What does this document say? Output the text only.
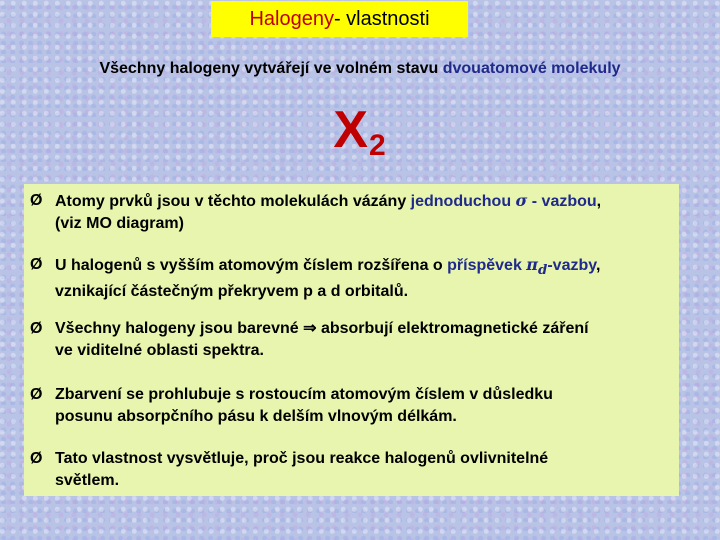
Halogeny - vlastnosti
Všechny halogeny vytvářejí ve volném stavu dvouatomové molekuly
$X_2$
Ø Atomy prvků jsou v těchto molekulách vázány jednoduchou σ - vazbou,
(viz MO diagram)
Ø U halogenů s vyšším atomovým číslem rozšířena o příspěvek $\pi_d$-vazby,
vznikající částečným překryvem p a d orbitalů.
Ø Všechny halogeny jsou barevné ⇒ absorbují elektromagnetické záření
ve viditelné oblasti spektra.
Ø Zbarvení se prohlubuje s rostoucím atomovým číslem v důsledku
posunu absorpčního pásu k delším vlnovým délkám.
Ø Tato vlastnost vysvětluje, proč jsou reakce halogenů ovlivnitelné
světlem.
